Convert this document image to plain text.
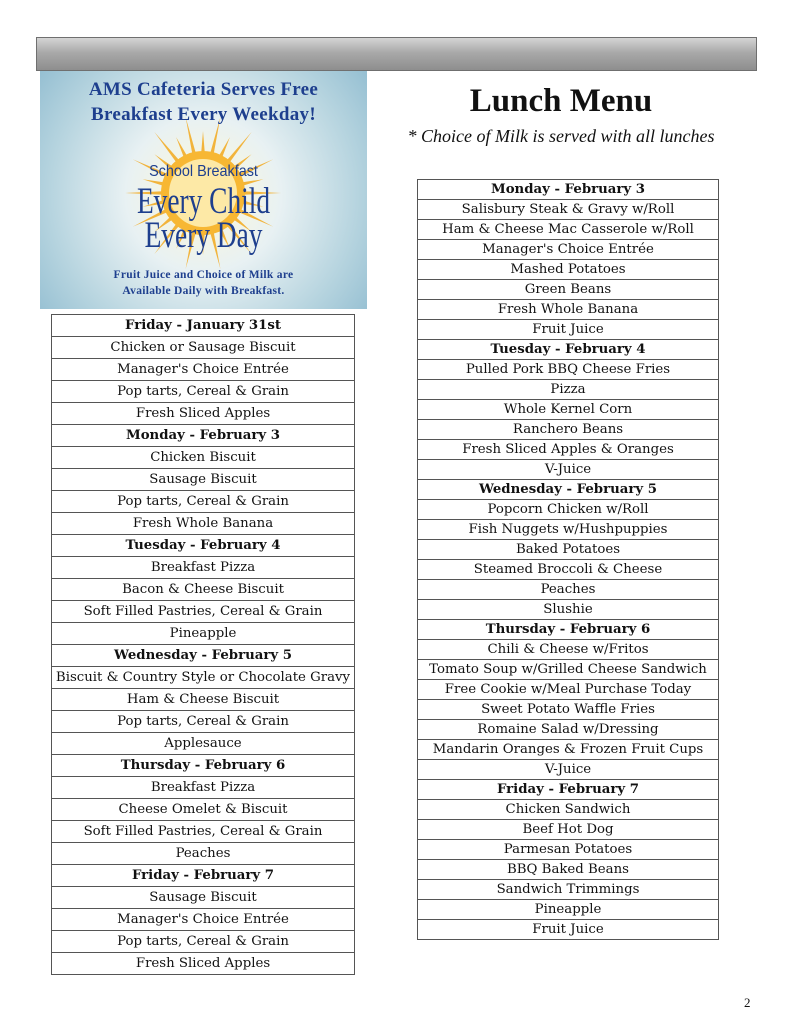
AMS Cafeteria Serves Free
Breakfast Every Weekday!
School Breakfast
Every Child
Every Day
Fruit Juice and Choice of Milk are
Available Daily with Breakfast.
Lunch Menu

* Choice of Milk is served with all lunches

Friday - January 31st
Chicken or Sausage Biscuit
Manager's Choice Entrée
Pop tarts, Cereal & Grain
Fresh Sliced Apples
Monday - February 3
Chicken Biscuit
Sausage Biscuit
Pop tarts, Cereal & Grain
Fresh Whole Banana
Tuesday - February 4
Breakfast Pizza
Bacon & Cheese Biscuit
Soft Filled Pastries, Cereal & Grain
Pineapple
Wednesday - February 5
Biscuit & Country Style or Chocolate Gravy
Ham & Cheese Biscuit
Pop tarts, Cereal & Grain
Applesauce
Thursday - February 6
Breakfast Pizza
Cheese Omelet & Biscuit
Soft Filled Pastries, Cereal & Grain
Peaches
Friday - February 7
Sausage Biscuit
Manager's Choice Entrée
Pop tarts, Cereal & Grain
Fresh Sliced Apples
Monday - February 3
Salisbury Steak & Gravy w/Roll
Ham & Cheese Mac Casserole w/Roll
Manager's Choice Entrée
Mashed Potatoes
Green Beans
Fresh Whole Banana
Fruit Juice
Tuesday - February 4
Pulled Pork BBQ Cheese Fries
Pizza
Whole Kernel Corn
Ranchero Beans
Fresh Sliced Apples & Oranges
V-Juice
Wednesday - February 5
Popcorn Chicken w/Roll
Fish Nuggets w/Hushpuppies
Baked Potatoes
Steamed Broccoli & Cheese
Peaches
Slushie
Thursday - February 6
Chili & Cheese w/Fritos
Tomato Soup w/Grilled Cheese Sandwich
Free Cookie w/Meal Purchase Today
Sweet Potato Waffle Fries
Romaine Salad w/Dressing
Mandarin Oranges & Frozen Fruit Cups
V-Juice
Friday - February 7
Chicken Sandwich
Beef Hot Dog
Parmesan Potatoes
BBQ Baked Beans
Sandwich Trimmings
Pineapple
Fruit Juice
2
